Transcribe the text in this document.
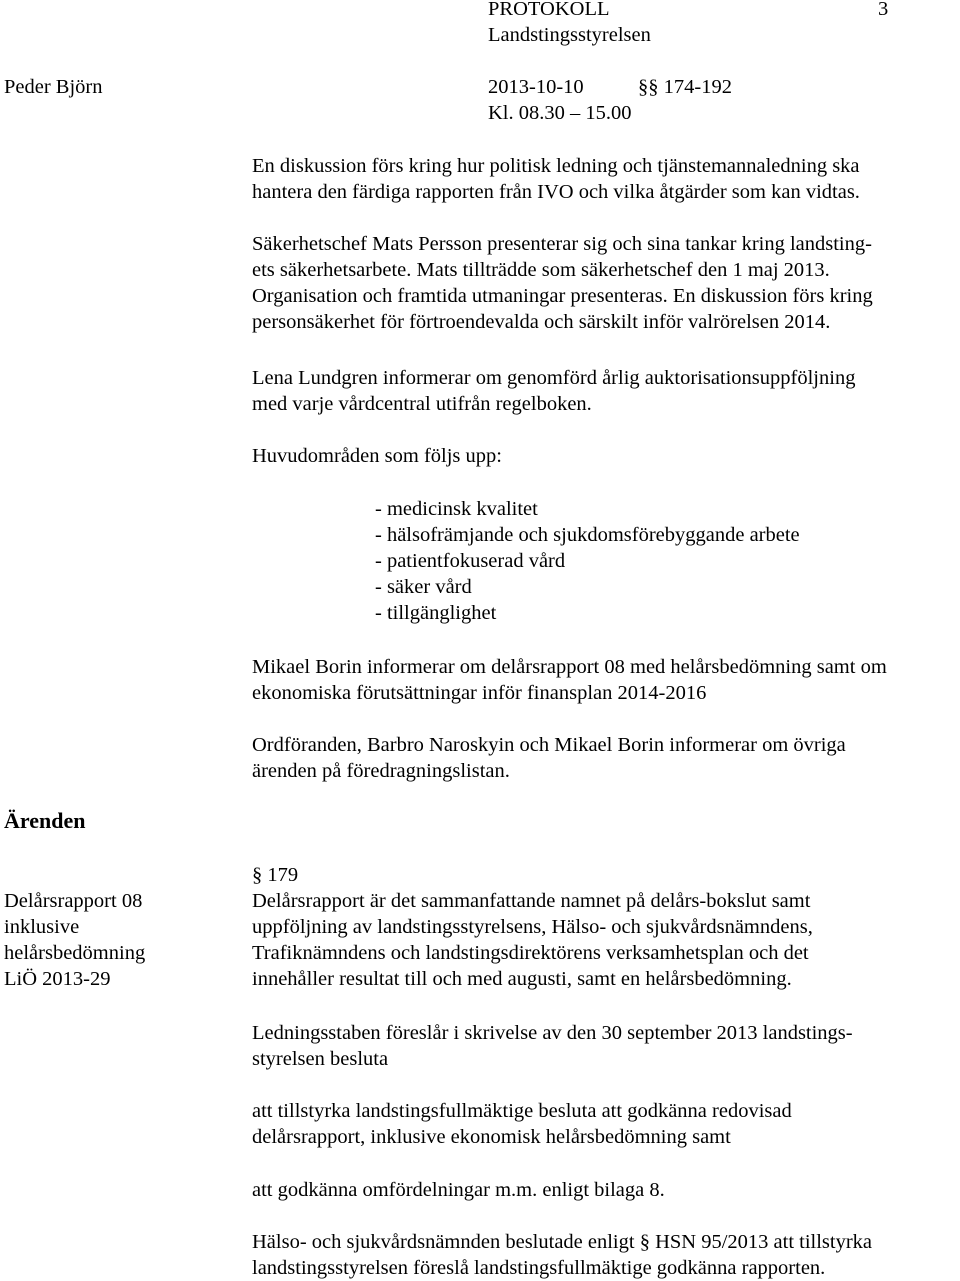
PROTOKOLL	3
Landstingsstyrelsen
Peder Björn	2013-10-10	§§ 174-192
Kl. 08.30 – 15.00
En diskussion förs kring hur politisk ledning och tjänstemannaledning ska
hantera den färdiga rapporten från IVO och vilka åtgärder som kan vidtas.
Säkerhetschef Mats Persson presenterar sig och sina tankar kring landsting-
ets säkerhetsarbete. Mats tillträdde som säkerhetschef den 1 maj 2013.
Organisation och framtida utmaningar presenteras. En diskussion förs kring
personsäkerhet för förtroendevalda och särskilt inför valrörelsen 2014.
Lena Lundgren informerar om genomförd årlig auktorisationsuppföljning
med varje vårdcentral utifrån regelboken.
Huvudområden som följs upp:
- medicinsk kvalitet
- hälsofrämjande och sjukdomsförebyggande arbete
- patientfokuserad vård
- säker vård
- tillgänglighet
Mikael Borin informerar om delårsrapport 08 med helårsbedömning samt om
ekonomiska förutsättningar inför finansplan 2014-2016
Ordföranden, Barbro Naroskyin och Mikael Borin informerar om övriga
ärenden på föredragningslistan.
Ärenden
Delårsrapport 08
inklusive
helårsbedömning
LiÖ 2013-29
§ 179
Delårsrapport är det sammanfattande namnet på delårs-bokslut samt
uppföljning av landstingsstyrelsens, Hälso- och sjukvårdsnämndens,
Trafiknämndens och landstingsdirektörens verksamhetsplan och det
innehåller resultat till och med augusti, samt en helårsbedömning.
Ledningsstaben föreslår i skrivelse av den 30 september 2013 landstings-
styrelsen besluta
att tillstyrka landstingsfullmäktige besluta att godkänna redovisad
delårsrapport, inklusive ekonomisk helårsbedömning samt
att godkänna omfördelningar m.m. enligt bilaga 8.
Hälso- och sjukvårdsnämnden beslutade enligt § HSN 95/2013 att tillstyrka
landstingsstyrelsen föreslå landstingsfullmäktige godkänna rapporten.
